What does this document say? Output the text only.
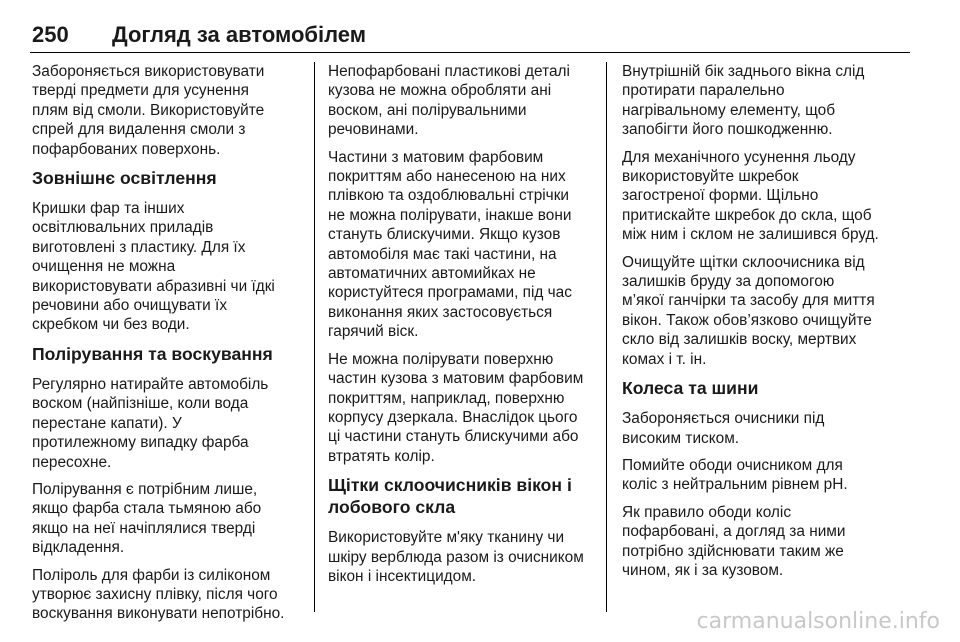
250 Догляд за автомобілем

Забороняється використовувати
тверді предмети для усунення
плям від смоли. Використовуйте
спрей для видалення смоли з
пофарбованих поверхонь.

Зовнішнє освітлення

Кришки фар та інших
освітлювальних приладів
виготовлені з пластику. Для їх
очищення не можна
використовувати абразивні чи їдкі
речовини або очищувати їх
скребком чи без води.

Полірування та воскування

Регулярно натирайте автомобіль
воском (найпізніше, коли вода
перестане капати). У
протилежному випадку фарба
пересохне.

Полірування є потрібним лише,
якщо фарба стала тьмяною або
якщо на неї начіплялися тверді
відкладення.

Поліроль для фарби із силіконом
утворює захисну плівку, після чого
воскування виконувати непотрібно.

Непофарбовані пластикові деталі
кузова не можна обробляти ані
воском, ані полірувальними
речовинами.

Частини з матовим фарбовим
покриттям або нанесеною на них
плівкою та оздоблювальні стрічки
не можна полірувати, інакше вони
стануть блискучими. Якщо кузов
автомобіля має такі частини, на
автоматичних автомийках не
користуйтеся програмами, під час
виконання яких застосовується
гарячий віск.

Не можна полірувати поверхню
частин кузова з матовим фарбовим
покриттям, наприклад, поверхню
корпусу дзеркала. Внаслідок цього
ці частини стануть блискучими або
втратять колір.

Щітки склоочисників вікон і
лобового скла

Використовуйте м'яку тканину чи
шкіру верблюда разом із очисником
вікон і інсектицидом.

Внутрішній бік заднього вікна слід
протирати паралельно
нагрівальному елементу, щоб
запобігти його пошкодженню.

Для механічного усунення льоду
використовуйте шкребок
загостреної форми. Щільно
притискайте шкребок до скла, щоб
між ним і склом не залишився бруд.

Очищуйте щітки склоочисника від
залишків бруду за допомогою
м’якої ганчірки та засобу для миття
вікон. Також обов’язково очищуйте
скло від залишків воску, мертвих
комах і т. ін.

Колеса та шини

Забороняється очисники під
високим тиском.

Помийте ободи очисником для
коліс з нейтральним рівнем рН.

Як правило ободи коліс
пофарбовані, а догляд за ними
потрібно здійснювати таким же
чином, як і за кузовом.

carmanualsonline.info
